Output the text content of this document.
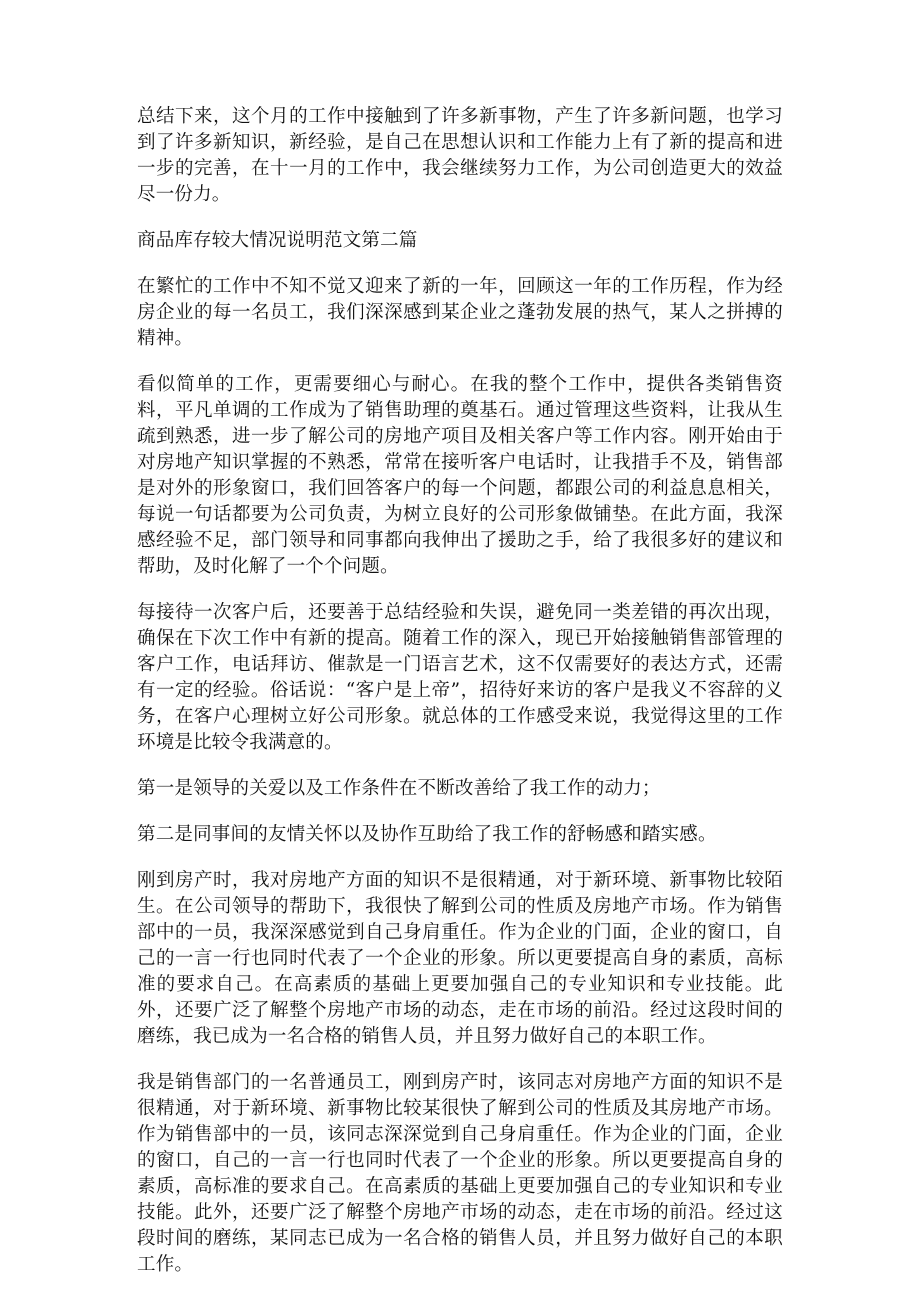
总结下来，这个月的工作中接触到了许多新事物，产生了许多新问题，也学习到了许多新知识，新经验，是自己在思想认识和工作能力上有了新的提高和进一步的完善，在十一月的工作中，我会继续努力工作，为公司创造更大的效益尽一份力。

商品库存较大情况说明范文第二篇

在繁忙的工作中不知不觉又迎来了新的一年，回顾这一年的工作历程，作为经房企业的每一名员工，我们深深感到某企业之蓬勃发展的热气，某人之拼搏的精神。

看似简单的工作，更需要细心与耐心。在我的整个工作中，提供各类销售资料，平凡单调的工作成为了销售助理的奠基石。通过管理这些资料，让我从生疏到熟悉，进一步了解公司的房地产项目及相关客户等工作内容。刚开始由于对房地产知识掌握的不熟悉，常常在接听客户电话时，让我措手不及，销售部是对外的形象窗口，我们回答客户的每一个问题，都跟公司的利益息息相关，每说一句话都要为公司负责，为树立良好的公司形象做铺垫。在此方面，我深感经验不足，部门领导和同事都向我伸出了援助之手，给了我很多好的建议和帮助，及时化解了一个个问题。

每接待一次客户后，还要善于总结经验和失误，避免同一类差错的再次出现，确保在下次工作中有新的提高。随着工作的深入，现已开始接触销售部管理的客户工作，电话拜访、催款是一门语言艺术，这不仅需要好的表达方式，还需有一定的经验。俗话说：“客户是上帝”，招待好来访的客户是我义不容辞的义务，在客户心理树立好公司形象。就总体的工作感受来说，我觉得这里的工作环境是比较令我满意的。

第一是领导的关爱以及工作条件在不断改善给了我工作的动力；

第二是同事间的友情关怀以及协作互助给了我工作的舒畅感和踏实感。

刚到房产时，我对房地产方面的知识不是很精通，对于新环境、新事物比较陌生。在公司领导的帮助下，我很快了解到公司的性质及房地产市场。作为销售部中的一员，我深深感觉到自己身肩重任。作为企业的门面，企业的窗口，自己的一言一行也同时代表了一个企业的形象。所以更要提高自身的素质，高标准的要求自己。在高素质的基础上更要加强自己的专业知识和专业技能。此外，还要广泛了解整个房地产市场的动态，走在市场的前沿。经过这段时间的磨练，我已成为一名合格的销售人员，并且努力做好自己的本职工作。

我是销售部门的一名普通员工，刚到房产时，该同志对房地产方面的知识不是很精通，对于新环境、新事物比较某很快了解到公司的性质及其房地产市场。作为销售部中的一员，该同志深深觉到自己身肩重任。作为企业的门面，企业的窗口，自己的一言一行也同时代表了一个企业的形象。所以更要提高自身的素质，高标准的要求自己。在高素质的基础上更要加强自己的专业知识和专业技能。此外，还要广泛了解整个房地产市场的动态，走在市场的前沿。经过这段时间的磨练，某同志已成为一名合格的销售人员，并且努力做好自己的本职工作。
